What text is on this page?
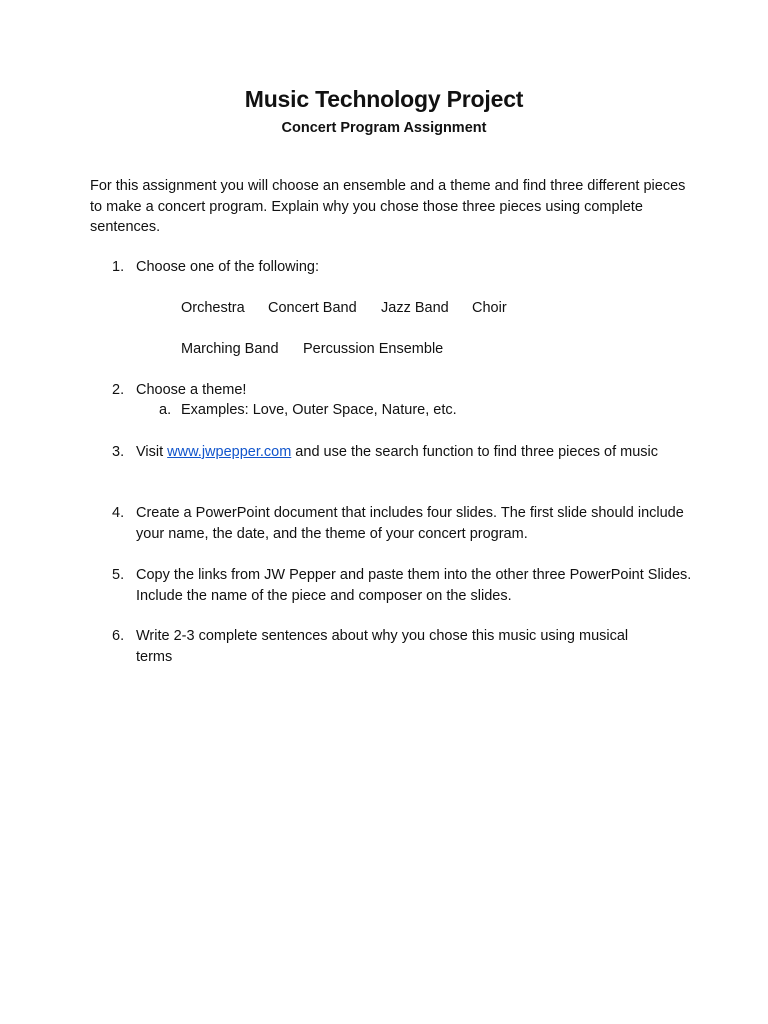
Music Technology Project
Concert Program Assignment
For this assignment you will choose an ensemble and a theme and find three different pieces to make a concert program. Explain why you chose those three pieces using complete sentences.
1. Choose one of the following:
Orchestra Concert Band Jazz Band Choir
Marching Band Percussion Ensemble
2. Choose a theme!
a. Examples: Love, Outer Space, Nature, etc.
3. Visit www.jwpepper.com and use the search function to find three pieces of music
4. Create a PowerPoint document that includes four slides. The first slide should include your name, the date, and the theme of your concert program.
5. Copy the links from JW Pepper and paste them into the other three PowerPoint Slides. Include the name of the piece and composer on the slides.
6. Write 2-3 complete sentences about why you chose this music using musical terms
